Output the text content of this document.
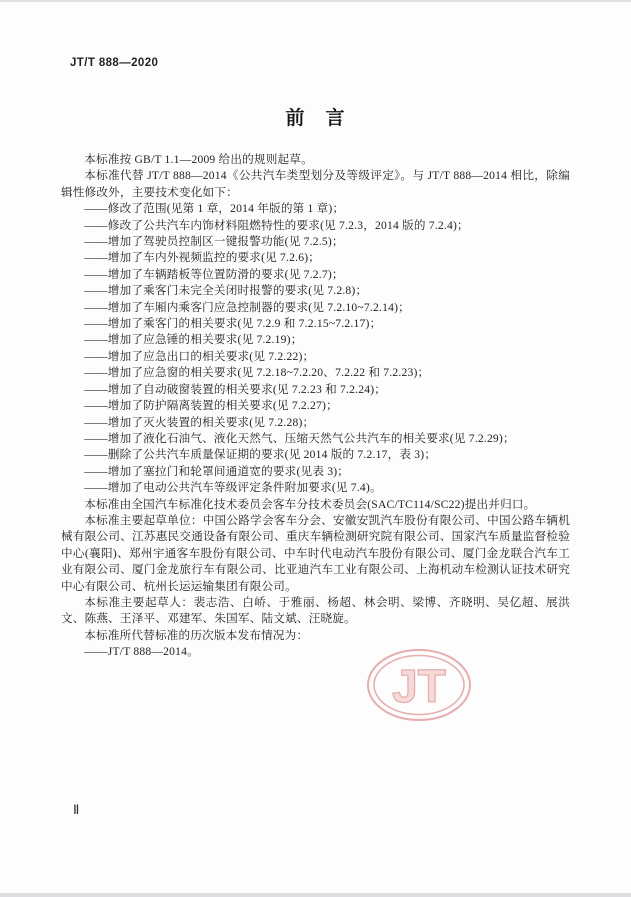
JT/T 888—2020
前　言

本标准按 GB/T 1.1—2009 给出的规则起草。

本标准代替 JT/T 888—2014《公共汽车类型划分及等级评定》。与 JT/T 888—2014 相比，除编辑性修改外，主要技术变化如下：

——修改了范围(见第 1 章，2014 年版的第 1 章)；

——修改了公共汽车内饰材料阻燃特性的要求(见 7.2.3，2014 版的 7.2.4)；

——增加了驾驶员控制区一键报警功能(见 7.2.5)；

——增加了车内外视频监控的要求(见 7.2.6)；

——增加了车辆踏板等位置防滑的要求(见 7.2.7)；

——增加了乘客门未完全关闭时报警的要求(见 7.2.8)；

——增加了车厢内乘客门应急控制器的要求(见 7.2.10~7.2.14)；

——增加了乘客门的相关要求(见 7.2.9 和 7.2.15~7.2.17)；

——增加了应急锤的相关要求(见 7.2.19)；

——增加了应急出口的相关要求(见 7.2.22)；

——增加了应急窗的相关要求(见 7.2.18~7.2.20、7.2.22 和 7.2.23)；

——增加了自动破窗装置的相关要求(见 7.2.23 和 7.2.24)；

——增加了防护隔离装置的相关要求(见 7.2.27)；

——增加了灭火装置的相关要求(见 7.2.28)；

——增加了液化石油气、液化天然气、压缩天然气公共汽车的相关要求(见 7.2.29)；

——删除了公共汽车质量保证期的要求(见 2014 版的 7.2.17，表 3)；

——增加了塞拉门和轮罩间通道宽的要求(见表 3)；

——增加了电动公共汽车等级评定条件附加要求(见 7.4)。

本标准由全国汽车标准化技术委员会客车分技术委员会(SAC/TC114/SC22)提出并归口。

本标准主要起草单位：中国公路学会客车分会、安徽安凯汽车股份有限公司、中国公路车辆机械有限公司、江苏惠民交通设备有限公司、重庆车辆检测研究院有限公司、国家汽车质量监督检验中心(襄阳)、郑州宇通客车股份有限公司、中车时代电动汽车股份有限公司、厦门金龙联合汽车工业有限公司、厦门金龙旅行车有限公司、比亚迪汽车工业有限公司、上海机动车检测认证技术研究中心有限公司、杭州长运运输集团有限公司。

本标准主要起草人：裴志浩、白峤、于雅丽、杨超、林会明、梁博、齐晓明、吴亿超、展洪文、陈燕、王泽平、邓建军、朱国军、陆文斌、汪晓旋。

本标准所代替标准的历次版本发布情况为：

——JT/T 888—2014。

JT
Ⅱ
